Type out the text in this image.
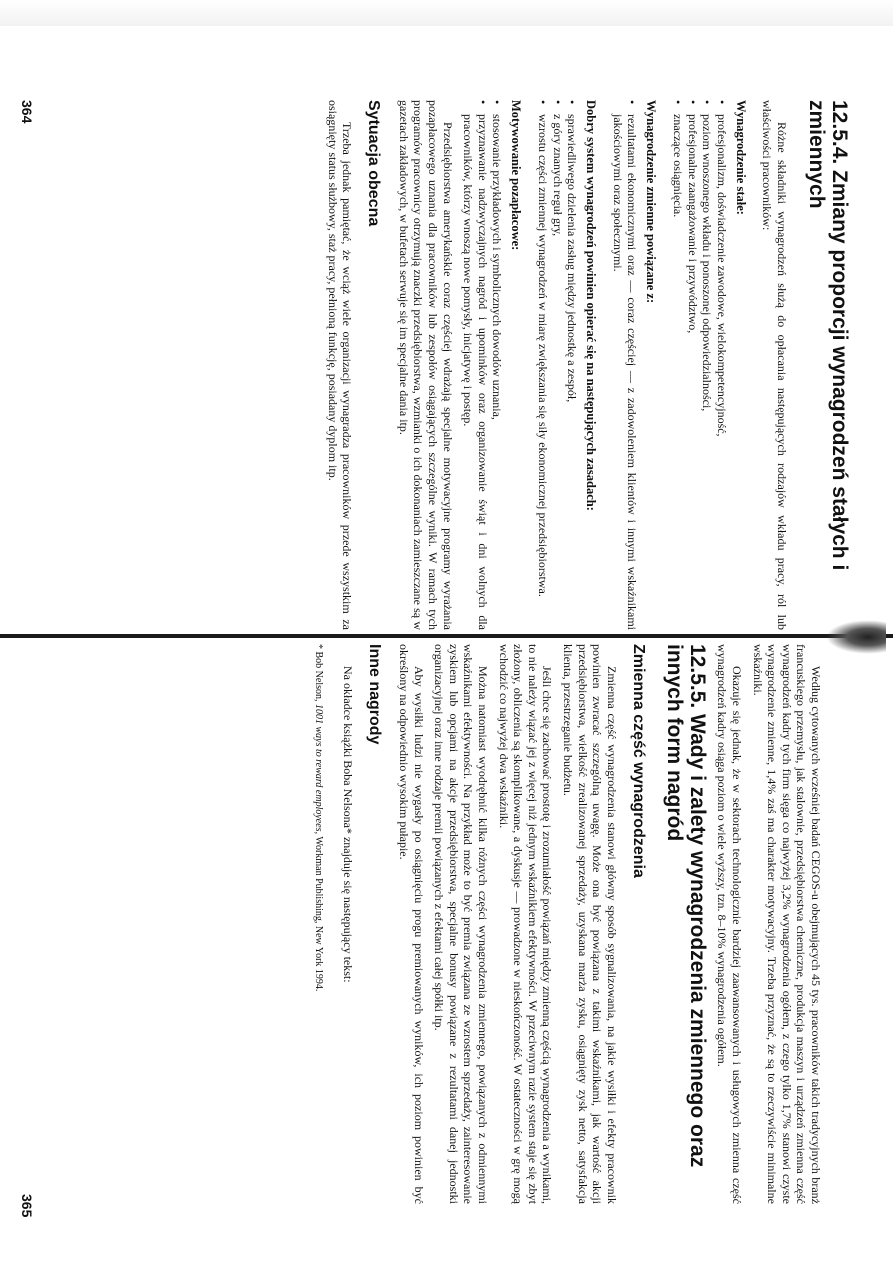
12.5.4. Zmiany proporcji wynagrodzeń stałych i zmiennych

Różne składniki wynagrodzeń służą do opłacania następujących rodzajów wkładu pracy, ról lub właściwości pracowników:

Wynagrodzenie stałe:
• profesjonalizm, doświadczenie zawodowe, wielokompetencyjność,
• poziom wnoszonego wkładu i ponoszonej odpowiedzialności,
• profesjonalne zaangażowanie i przywództwo,
• znaczące osiągnięcia.
Wynagrodzenie zmienne powiązane z:
• rezultatami ekonomicznymi oraz — coraz częściej — z zadowoleniem klientów i innymi wskaźnikami jakościowymi oraz społecznymi.
Dobry system wynagrodzeń powinien opierać się na następujących zasadach:
• sprawiedliwego dzielenia zasług między jednostkę a zespół,
• z góry znanych reguł gry,
• wzrostu części zmiennej wynagrodzeń w miarę zwiększania się siły ekonomicznej przedsiębiorstwa.
Motywowanie pozapłacowe:
• stosowanie przykładowych i symbolicznych dowodów uznania,
• przyznawanie nadzwyczajnych nagród i upominków oraz organizowanie świąt i dni wolnych dla pracowników, którzy wnoszą nowe pomysły, inicjatywę i postęp.

Przedsiębiorstwa amerykańskie coraz częściej wdrażają specjalne motywacyjne programy wyrażania pozapłacowego uznania dla pracowników lub zespołów osiągających szczególne wyniki. W ramach tych programów pracownicy otrzymują znaczki przedsiębiorstwa, wzmianki o ich dokonaniach zamieszczane są w gazetach zakładowych, w bufetach serwuje się im specjalne dania itp.

Sytuacja obecna

Trzeba jednak pamiętać, że wciąż wiele organizacji wynagradza pracowników przede wszystkim za osiągnięty status służbowy, staż pracy, pełnioną funkcję, posiadany dyplom itp.

364

Według cytowanych wcześniej badań CEGOS-u obejmujących 45 tys. pracowników takich tradycyjnych branż francuskiego przemysłu, jak stalownie, przedsiębiorstwa chemiczne, produkcja maszyn i urządzeń zmienna część wynagrodzeń kadry tych firm sięga co najwyżej 3,2% wynagrodzenia ogółem, z czego tylko 1,7% stanowi czyste wynagrodzenie zmienne, 1,4% zaś ma charakter motywacyjny. Trzeba przyznać, że są to rzeczywiście minimalne wskaźniki.

Okazuje się jednak, że w sektorach technologicznie bardziej zaawansowanych i usługowych zmienna część wynagrodzeń kadry osiąga poziom o wiele wyższy, tzn. 8–10% wynagrodzenia ogółem.

12.5.5. Wady i zalety wynagrodzenia zmiennego oraz innych form nagród
Zmienna część wynagrodzenia

Zmienna część wynagrodzenia stanowi główny sposób sygnalizowania, na jakie wysiłki i efekty pracownik powinien zwracać szczególną uwagę. Może ona być powiązana z takimi wskaźnikami, jak wartość akcji przedsiębiorstwa, wielkość zrealizowanej sprzedaży, uzyskana marża zysku, osiągnięty zysk netto, satysfakcja klienta, przestrzeganie budżetu.

Jeśli chce się zachować prostotę i zrozumiałość powiązań między zmienną częścią wynagrodzenia a wynikami, to nie należy wiązać jej z więcej niż jednym wskaźnikiem efektywności. W przeciwnym razie system staje się zbyt złożony, obliczenia są skomplikowane, a dyskusje — prowadzone w nieskończoność. W ostateczności w grę mogą wchodzić co najwyżej dwa wskaźniki.

Można natomiast wyodrębnić kilka różnych części wynagrodzenia zmiennego, powiązanych z odmiennymi wskaźnikami efektywności. Na przykład może to być premia związana ze wzrostem sprzedaży, zainteresowanie zyskiem lub opcjami na akcje przedsiębiorstwa, specjalne bonusy powiązane z rezultatami danej jednostki organizacyjnej oraz inne rodzaje premii powiązanych z efektami całej spółki itp.

Aby wysiłki ludzi nie wygasły po osiągnięciu progu premiowanych wyników, ich poziom powinien być określony na odpowiednio wysokim pułapie.

Inne nagrody

Na okładce książki Boba Nelsona* znajduje się następujący tekst:

* Bob Nelson, 1001 ways to reward employees, Workman Publishing, New York 1994.
365
